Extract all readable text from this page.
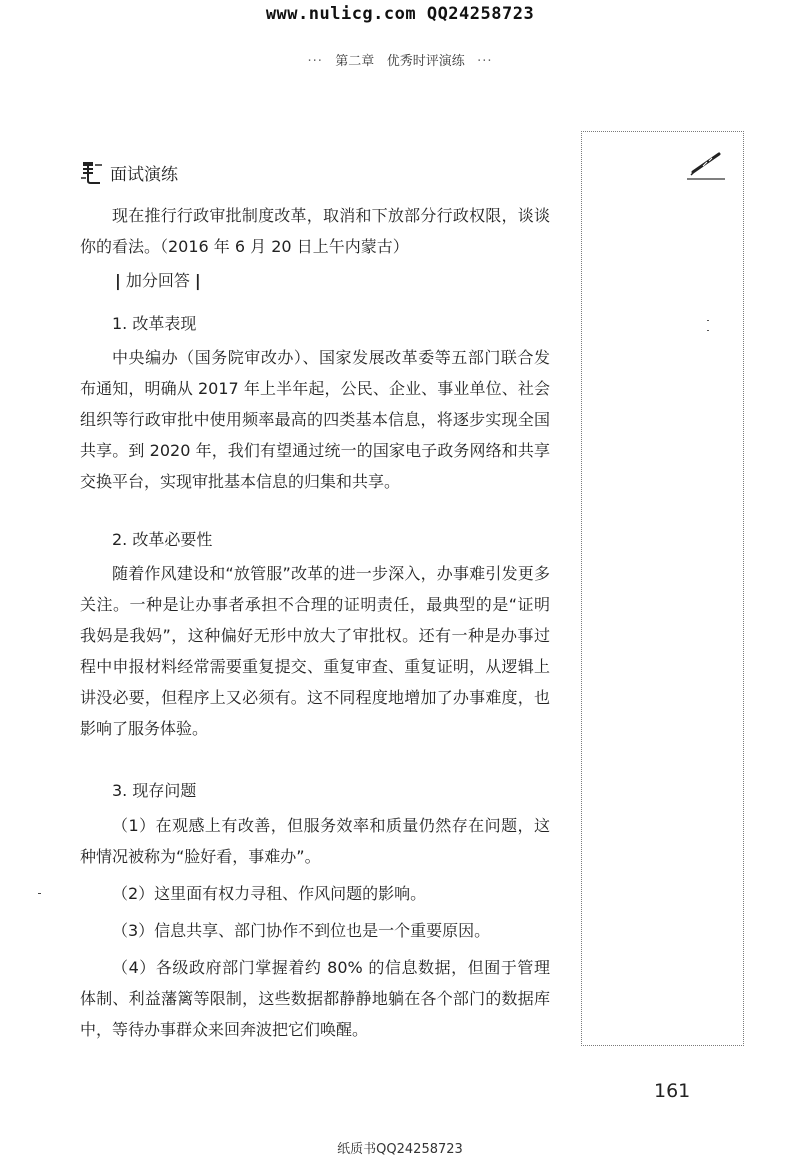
www.nulicg.com QQ24258723
··· 第二章 优秀时评演练 ···
面试演练

现在推行行政审批制度改革，取消和下放部分行政权限，谈谈你的看法。（2016 年 6 月 20 日上午内蒙古）

| 加分回答 |
1. 改革表现

中央编办（国务院审改办）、国家发展改革委等五部门联合发布通知，明确从 2017 年上半年起，公民、企业、事业单位、社会组织等行政审批中使用频率最高的四类基本信息，将逐步实现全国共享。到 2020 年，我们有望通过统一的国家电子政务网络和共享交换平台，实现审批基本信息的归集和共享。

2. 改革必要性

随着作风建设和“放管服”改革的进一步深入，办事难引发更多关注。一种是让办事者承担不合理的证明责任，最典型的是“证明我妈是我妈”，这种偏好无形中放大了审批权。还有一种是办事过程中申报材料经常需要重复提交、重复审查、重复证明，从逻辑上讲没必要，但程序上又必须有。这不同程度地增加了办事难度，也影响了服务体验。

3. 现存问题

（1）在观感上有改善，但服务效率和质量仍然存在问题，这种情况被称为“脸好看，事难办”。

（2）这里面有权力寻租、作风问题的影响。

（3）信息共享、部门协作不到位也是一个重要原因。

（4）各级政府部门掌握着约 80% 的信息数据，但囿于管理体制、利益藩篱等限制，这些数据都静静地躺在各个部门的数据库中，等待办事群众来回奔波把它们唤醒。

161
纸质书QQ24258723
